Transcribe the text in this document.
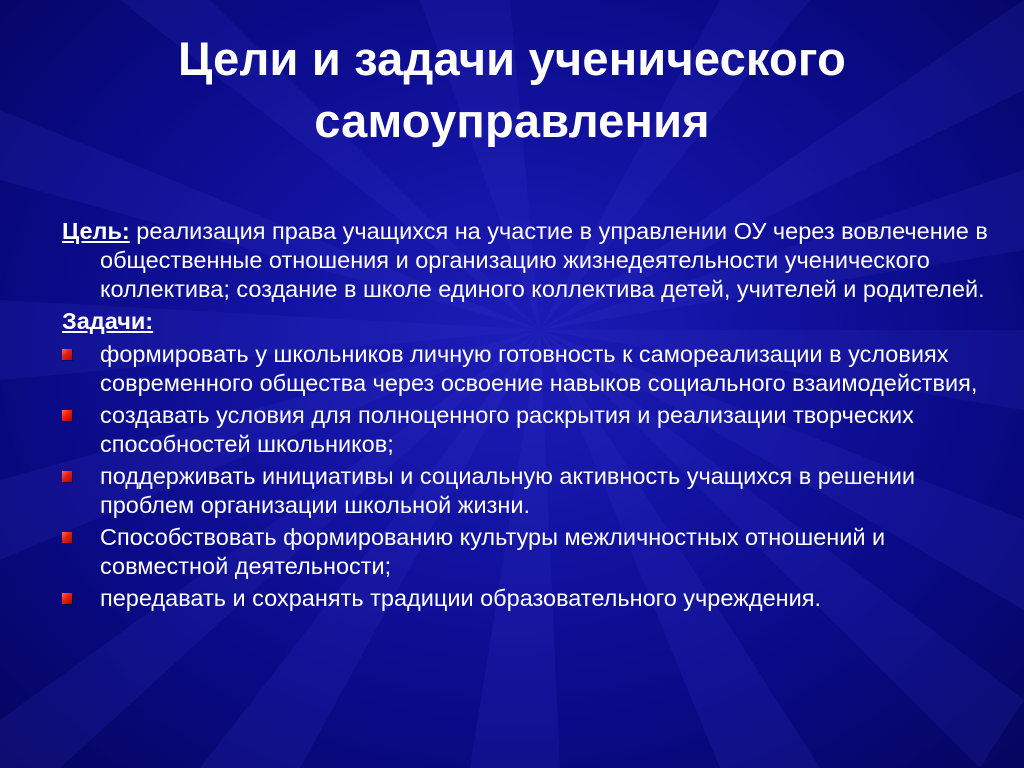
Цели и задачи ученического самоуправления

Цель: реализация права учащихся на участие в управлении ОУ через вовлечение в общественные отношения и организацию жизнедеятельности ученического коллектива; создание в школе единого коллектива детей, учителей и родителей.

Задачи:

формировать у школьников личную готовность к самореализации в условиях современного общества через освоение навыков социального взаимодействия,
создавать условия для полноценного раскрытия и реализации творческих способностей школьников;
поддерживать инициативы и социальную активность учащихся в решении проблем организации школьной жизни.
Способствовать формированию культуры межличностных отношений и совместной деятельности;
передавать и сохранять традиции образовательного учреждения.
